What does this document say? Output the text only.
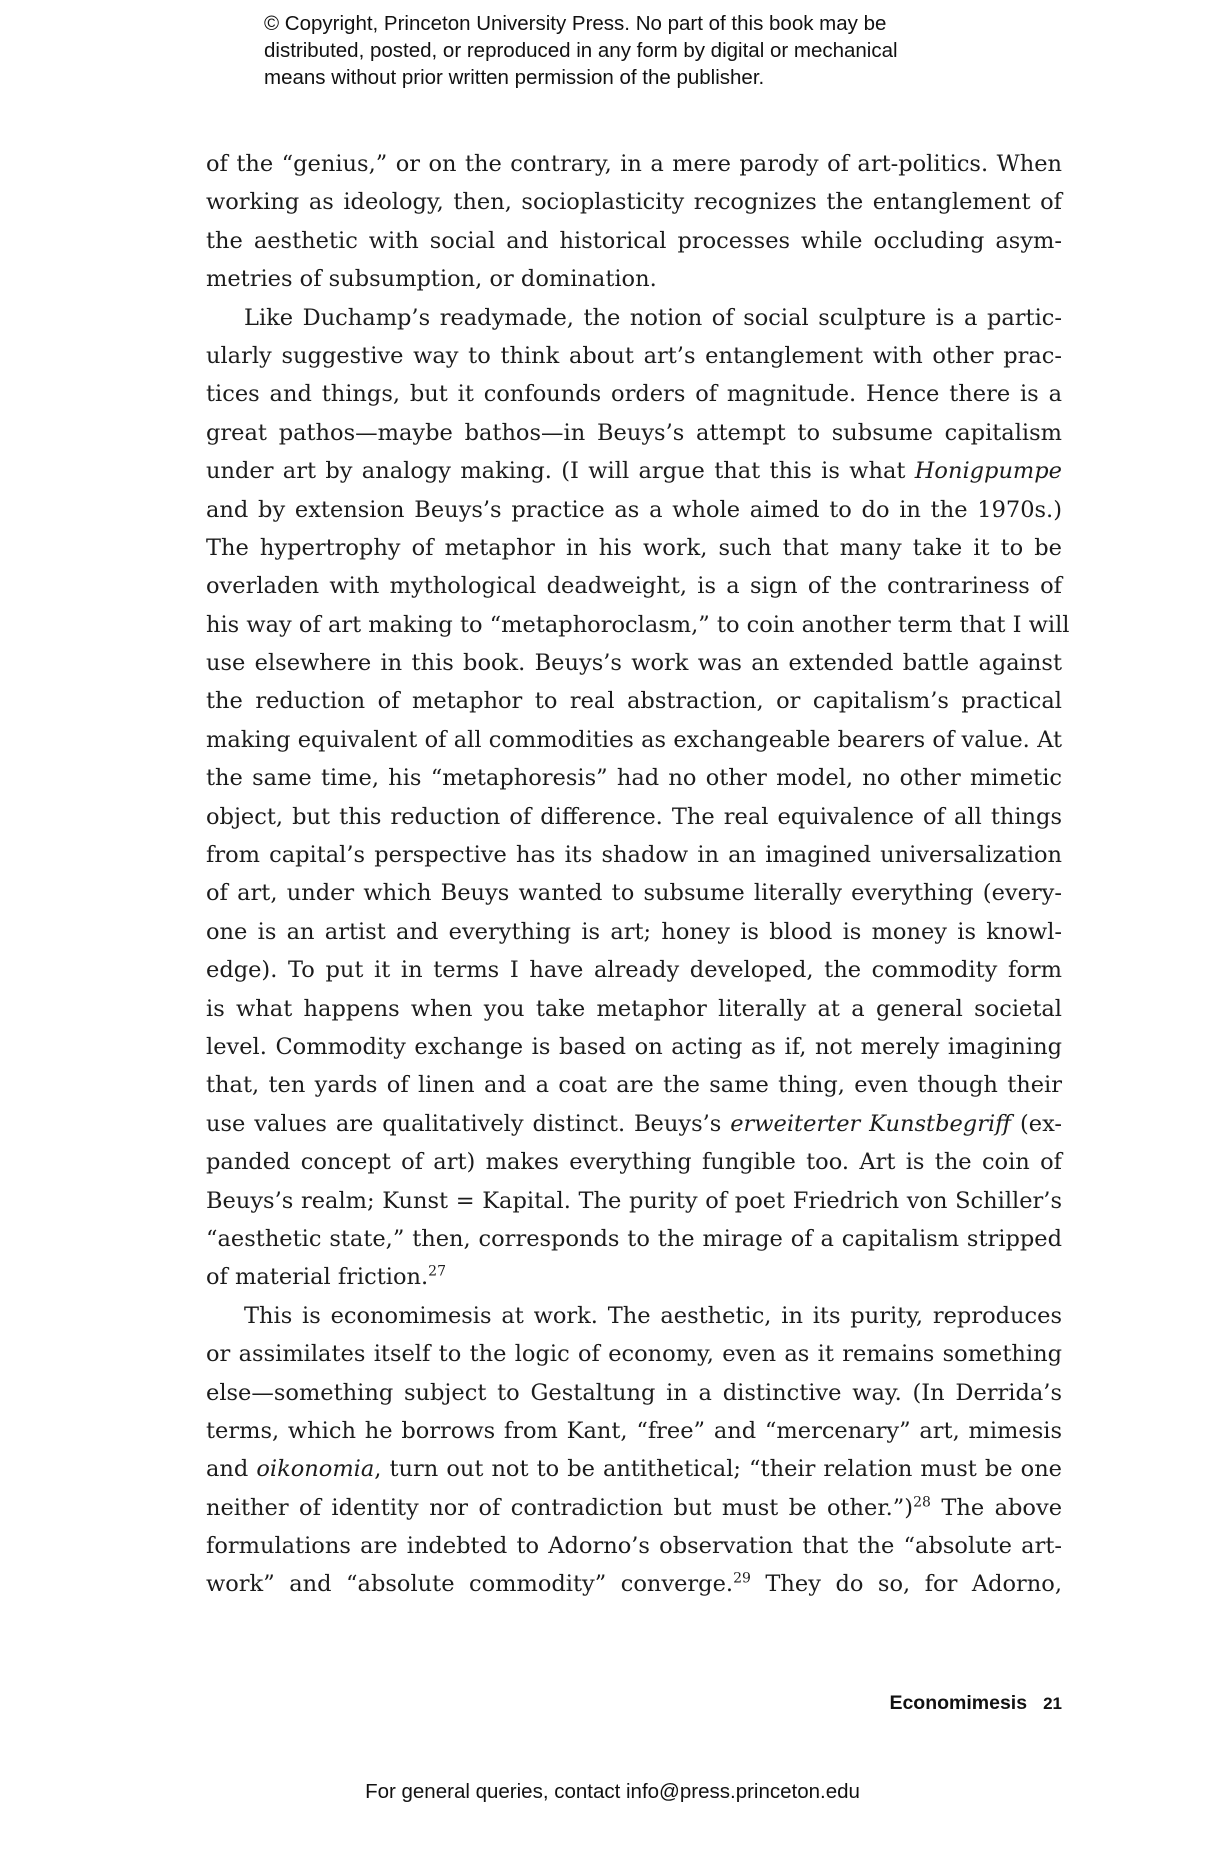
© Copyright, Princeton University Press. No part of this book may be
distributed, posted, or reproduced in any form by digital or mechanical
means without prior written permission of the publisher.

of the “genius,” or on the contrary, in a mere parody of art-politics. When
working as ideology, then, socioplasticity recognizes the entanglement of
the aesthetic with social and historical processes while occluding asym-
metries of subsumption, or domination.

Like Duchamp’s readymade, the notion of social sculpture is a partic-
ularly suggestive way to think about art’s entanglement with other prac-
tices and things, but it confounds orders of magnitude. Hence there is a
great pathos—maybe bathos—in Beuys’s attempt to subsume capitalism
under art by analogy making. (I will argue that this is what Honigpumpe
and by extension Beuys’s practice as a whole aimed to do in the 1970s.)
The hypertrophy of metaphor in his work, such that many take it to be
overladen with mythological deadweight, is a sign of the contrariness of
his way of art making to “metaphoroclasm,” to coin another term that I will
use elsewhere in this book. Beuys’s work was an extended battle against
the reduction of metaphor to real abstraction, or capitalism’s practical
making equivalent of all commodities as exchangeable bearers of value. At
the same time, his “metaphoresis” had no other model, no other mimetic
object, but this reduction of difference. The real equivalence of all things
from capital’s perspective has its shadow in an imagined universalization
of art, under which Beuys wanted to subsume literally everything (every-
one is an artist and everything is art; honey is blood is money is knowl-
edge). To put it in terms I have already developed, the commodity form
is what happens when you take metaphor literally at a general societal
level. Commodity exchange is based on acting as if, not merely imagining
that, ten yards of linen and a coat are the same thing, even though their
use values are qualitatively distinct. Beuys’s erweiterter Kunstbegriff (ex-
panded concept of art) makes everything fungible too. Art is the coin of
Beuys’s realm; Kunst = Kapital. The purity of poet Friedrich von Schiller’s
“aesthetic state,” then, corresponds to the mirage of a capitalism stripped
of material friction.$^{27}$

This is economimesis at work. The aesthetic, in its purity, reproduces
or assimilates itself to the logic of economy, even as it remains something
else—something subject to Gestaltung in a distinctive way. (In Derrida’s
terms, which he borrows from Kant, “free” and “mercenary” art, mimesis
and oikonomia, turn out not to be antithetical; “their relation must be one
neither of identity nor of contradiction but must be other.”)$^{28}$ The above
formulations are indebted to Adorno’s observation that the “absolute art-
work” and “absolute commodity” converge.$^{29}$ They do so, for Adorno,

Economimesis 21
For general queries, contact info@press.princeton.edu
